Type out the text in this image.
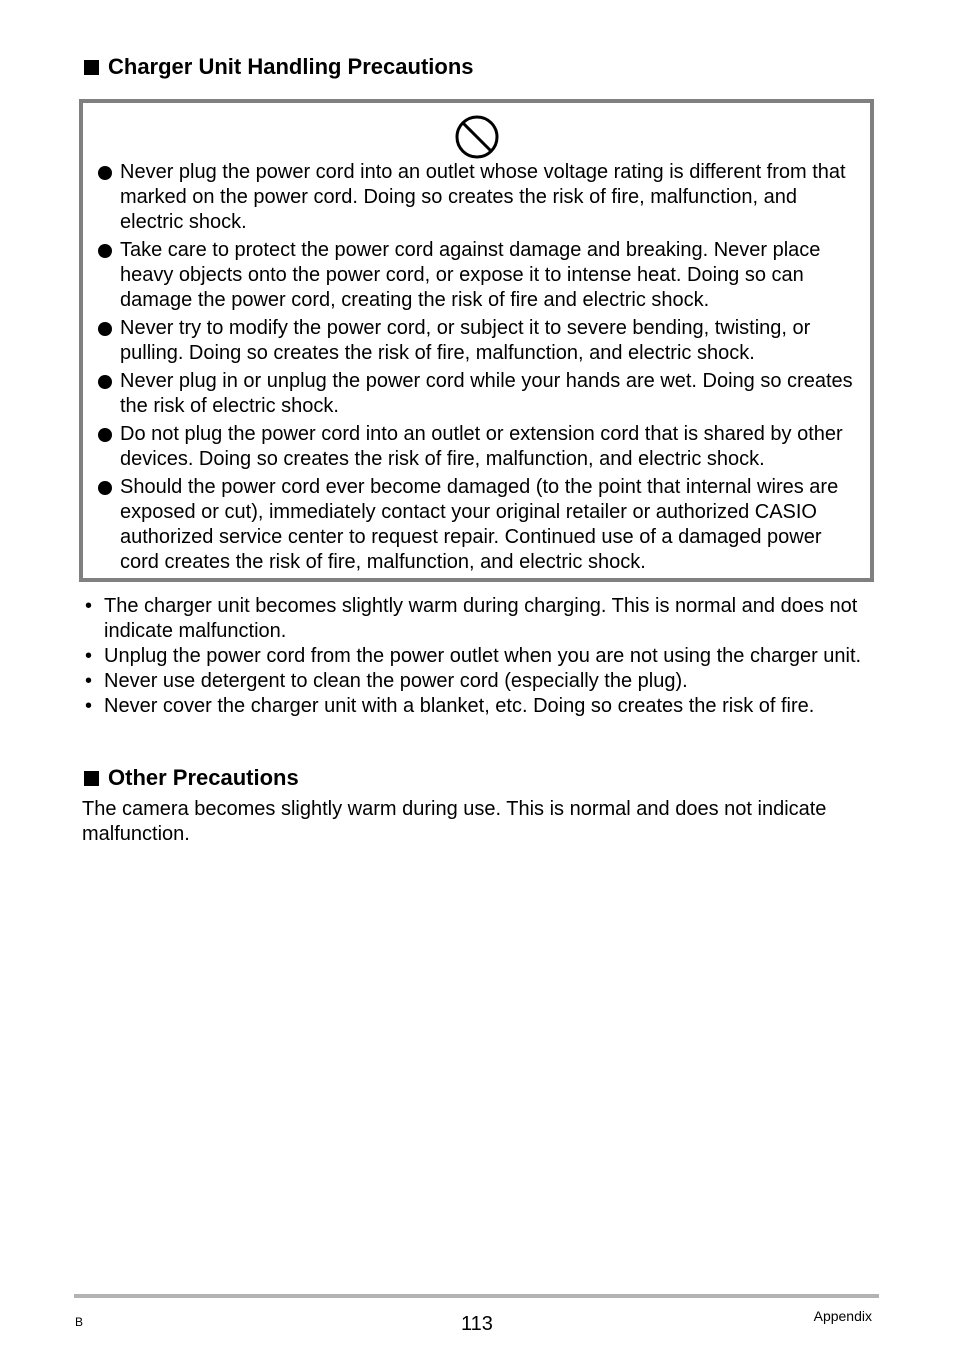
Charger Unit Handling Precautions
Never plug the power cord into an outlet whose voltage rating is different from that marked on the power cord. Doing so creates the risk of fire, malfunction, and electric shock.
Take care to protect the power cord against damage and breaking. Never place heavy objects onto the power cord, or expose it to intense heat. Doing so can damage the power cord, creating the risk of fire and electric shock.
Never try to modify the power cord, or subject it to severe bending, twisting, or pulling. Doing so creates the risk of fire, malfunction, and electric shock.
Never plug in or unplug the power cord while your hands are wet. Doing so creates the risk of electric shock.
Do not plug the power cord into an outlet or extension cord that is shared by other devices. Doing so creates the risk of fire, malfunction, and electric shock.
Should the power cord ever become damaged (to the point that internal wires are exposed or cut), immediately contact your original retailer or authorized CASIO authorized service center to request repair. Continued use of a damaged power cord creates the risk of fire, malfunction, and electric shock.
• The charger unit becomes slightly warm during charging. This is normal and does not indicate malfunction.
• Unplug the power cord from the power outlet when you are not using the charger unit.
• Never use detergent to clean the power cord (especially the plug).
• Never cover the charger unit with a blanket, etc. Doing so creates the risk of fire.
Other Precautions

The camera becomes slightly warm during use. This is normal and does not indicate malfunction.

B	113	Appendix
